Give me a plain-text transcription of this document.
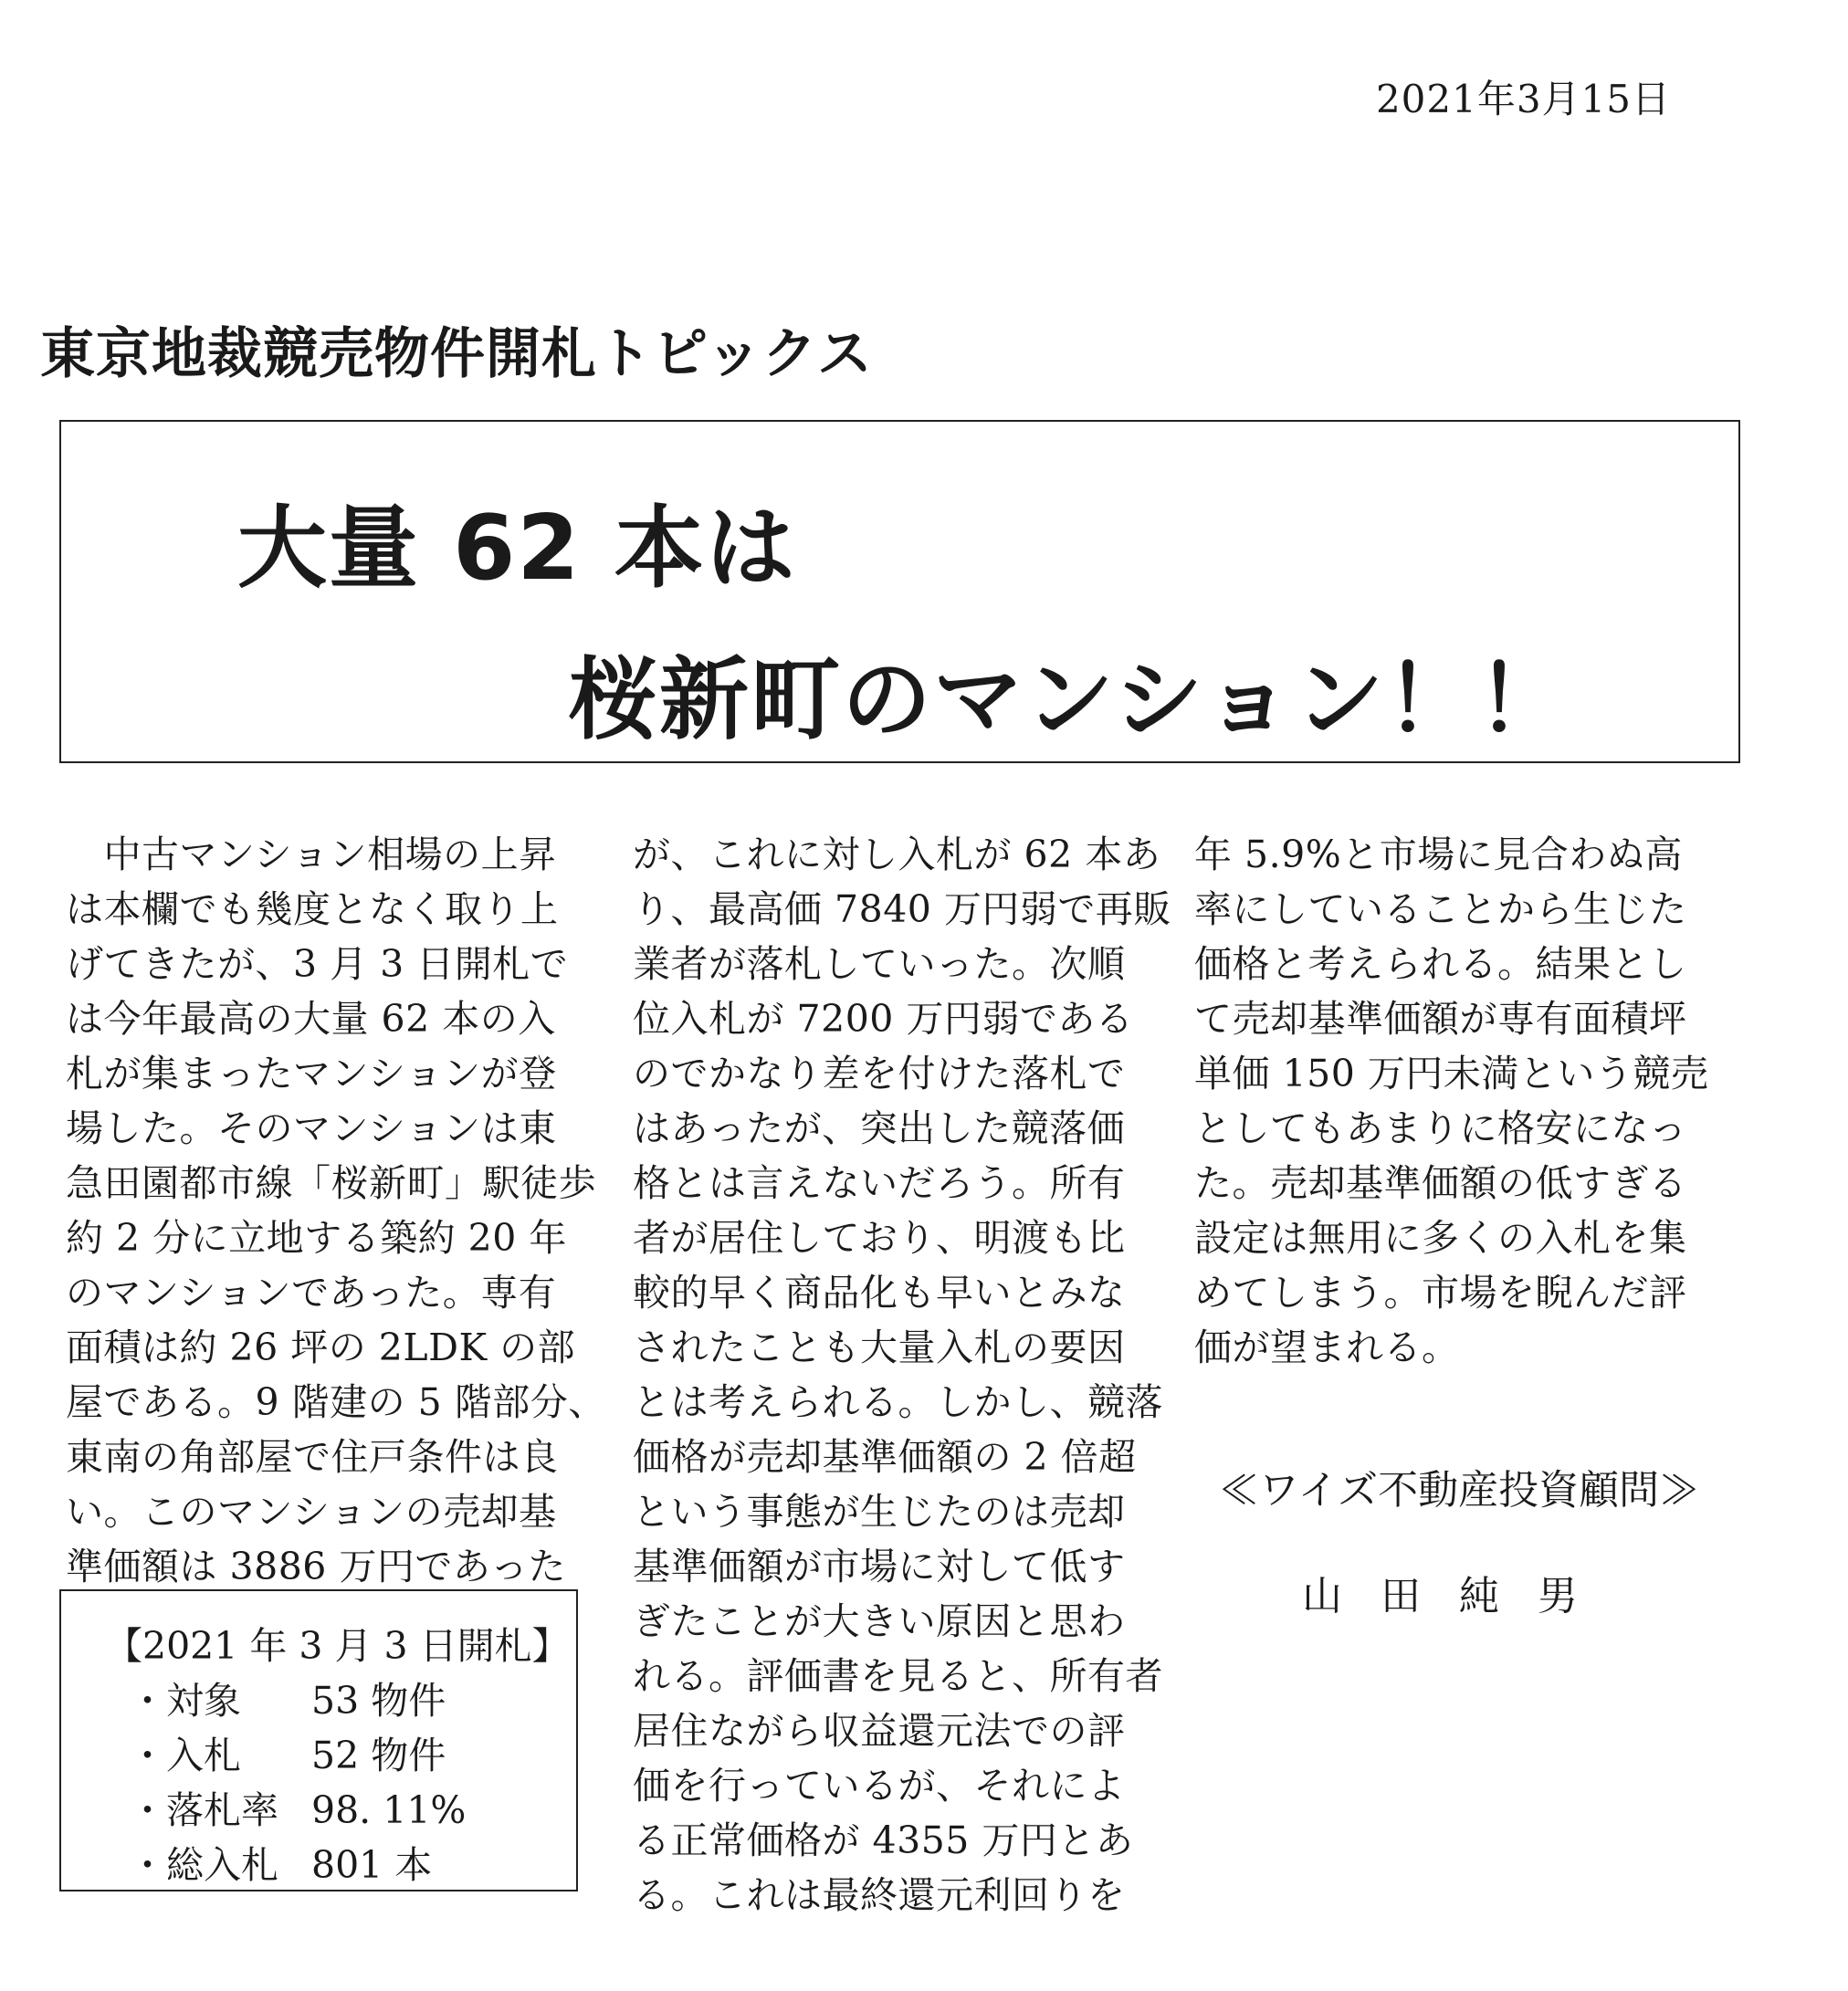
2021年3月15日
東京地裁競売物件開札トピックス
大量 62 本は
桜新町のマンション！！
　中古マンション相場の上昇
は本欄でも幾度となく取り上
げてきたが、3 月 3 日開札で
は今年最高の大量 62 本の入
札が集まったマンションが登
場した。そのマンションは東
急田園都市線「桜新町」駅徒歩
約 2 分に立地する築約 20 年
のマンションであった。専有
面積は約 26 坪の 2LDK の部
屋である。9 階建の 5 階部分、
東南の角部屋で住戸条件は良
い。このマンションの売却基
準価額は 3886 万円であった
が、これに対し入札が 62 本あ
り、最高価 7840 万円弱で再販
業者が落札していった。次順
位入札が 7200 万円弱である
のでかなり差を付けた落札で
はあったが、突出した競落価
格とは言えないだろう。所有
者が居住しており、明渡も比
較的早く商品化も早いとみな
されたことも大量入札の要因
とは考えられる。しかし、競落
価格が売却基準価額の 2 倍超
という事態が生じたのは売却
基準価額が市場に対して低す
ぎたことが大きい原因と思わ
れる。評価書を見ると、所有者
居住ながら収益還元法での評
価を行っているが、それによ
る正常価格が 4355 万円とあ
る。これは最終還元利回りを
年 5.9%と市場に見合わぬ高
率にしていることから生じた
価格と考えられる。結果とし
て売却基準価額が専有面積坪
単価 150 万円未満という競売
としてもあまりに格安になっ
た。売却基準価額の低すぎる
設定は無用に多くの入札を集
めてしまう。市場を睨んだ評
価が望まれる。
【2021 年 3 月 3 日開札】
・対象 53 物件
・入札 52 物件
・落札率 98. 11%
・総入札 801 本
≪ワイズ不動産投資顧問≫
山田純男
